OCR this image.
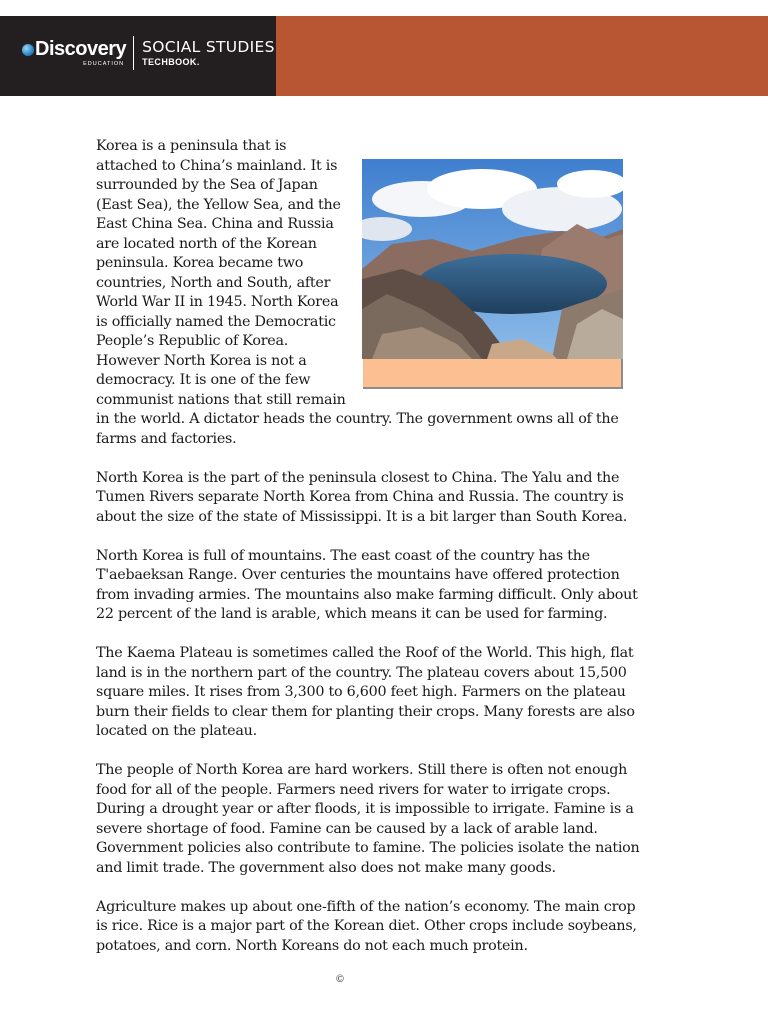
Discovery
EDUCATION
SOCIAL STUDIES
TECHBOOK.

Korea is a peninsula that is attached to China’s mainland. It is surrounded by the Sea of Japan (East Sea), the Yellow Sea, and the East China Sea. China and Russia are located north of the Korean peninsula. Korea became two countries, North and South, after World War II in 1945. North Korea is officially named the Democratic People’s Republic of Korea. However North Korea is not a democracy. It is one of the few communist nations that still remain in the world. A dictator heads the country. The government owns all of the farms and factories.

North Korea is the part of the peninsula closest to China. The Yalu and the Tumen Rivers separate North Korea from China and Russia. The country is about the size of the state of Mississippi. It is a bit larger than South Korea.

North Korea is full of mountains. The east coast of the country has the T'aebaeksan Range. Over centuries the mountains have offered protection from invading armies. The mountains also make farming difficult. Only about 22 percent of the land is arable, which means it can be used for farming.

The Kaema Plateau is sometimes called the Roof of the World. This high, flat land is in the northern part of the country. The plateau covers about 15,500 square miles. It rises from 3,300 to 6,600 feet high. Farmers on the plateau burn their fields to clear them for planting their crops. Many forests are also located on the plateau.

The people of North Korea are hard workers. Still there is often not enough food for all of the people. Farmers need rivers for water to irrigate crops. During a drought year or after floods, it is impossible to irrigate. Famine is a severe shortage of food. Famine can be caused by a lack of arable land. Government policies also contribute to famine. The policies isolate the nation and limit trade. The government also does not make many goods.

Agriculture makes up about one-fifth of the nation’s economy. The main crop is rice. Rice is a major part of the Korean diet. Other crops include soybeans, potatoes, and corn. North Koreans do not each much protein.

©
